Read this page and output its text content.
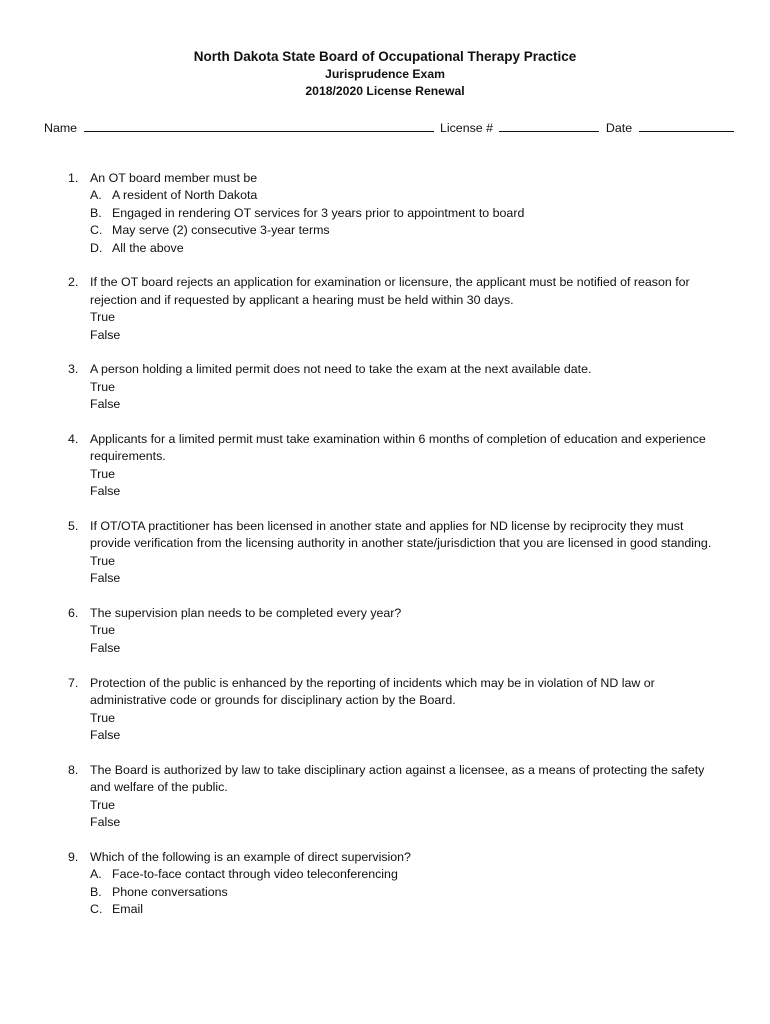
North Dakota State Board of Occupational Therapy Practice
Jurisprudence Exam
2018/2020 License Renewal
Name	License #	Date
1. An OT board member must be
A. A resident of North Dakota
B. Engaged in rendering OT services for 3 years prior to appointment to board
C. May serve (2) consecutive 3-year terms
D. All the above
2. If the OT board rejects an application for examination or licensure, the applicant must be notified of reason for rejection and if requested by applicant a hearing must be held within 30 days.
True
False
3. A person holding a limited permit does not need to take the exam at the next available date.
True
False
4. Applicants for a limited permit must take examination within 6 months of completion of education and experience requirements.
True
False
5. If OT/OTA practitioner has been licensed in another state and applies for ND license by reciprocity they must provide verification from the licensing authority in another state/jurisdiction that you are licensed in good standing.
True
False
6. The supervision plan needs to be completed every year?
True
False
7. Protection of the public is enhanced by the reporting of incidents which may be in violation of ND law or administrative code or grounds for disciplinary action by the Board.
True
False
8. The Board is authorized by law to take disciplinary action against a licensee, as a means of protecting the safety and welfare of the public.
True
False
9. Which of the following is an example of direct supervision?
A. Face-to-face contact through video teleconferencing
B. Phone conversations
C. Email
